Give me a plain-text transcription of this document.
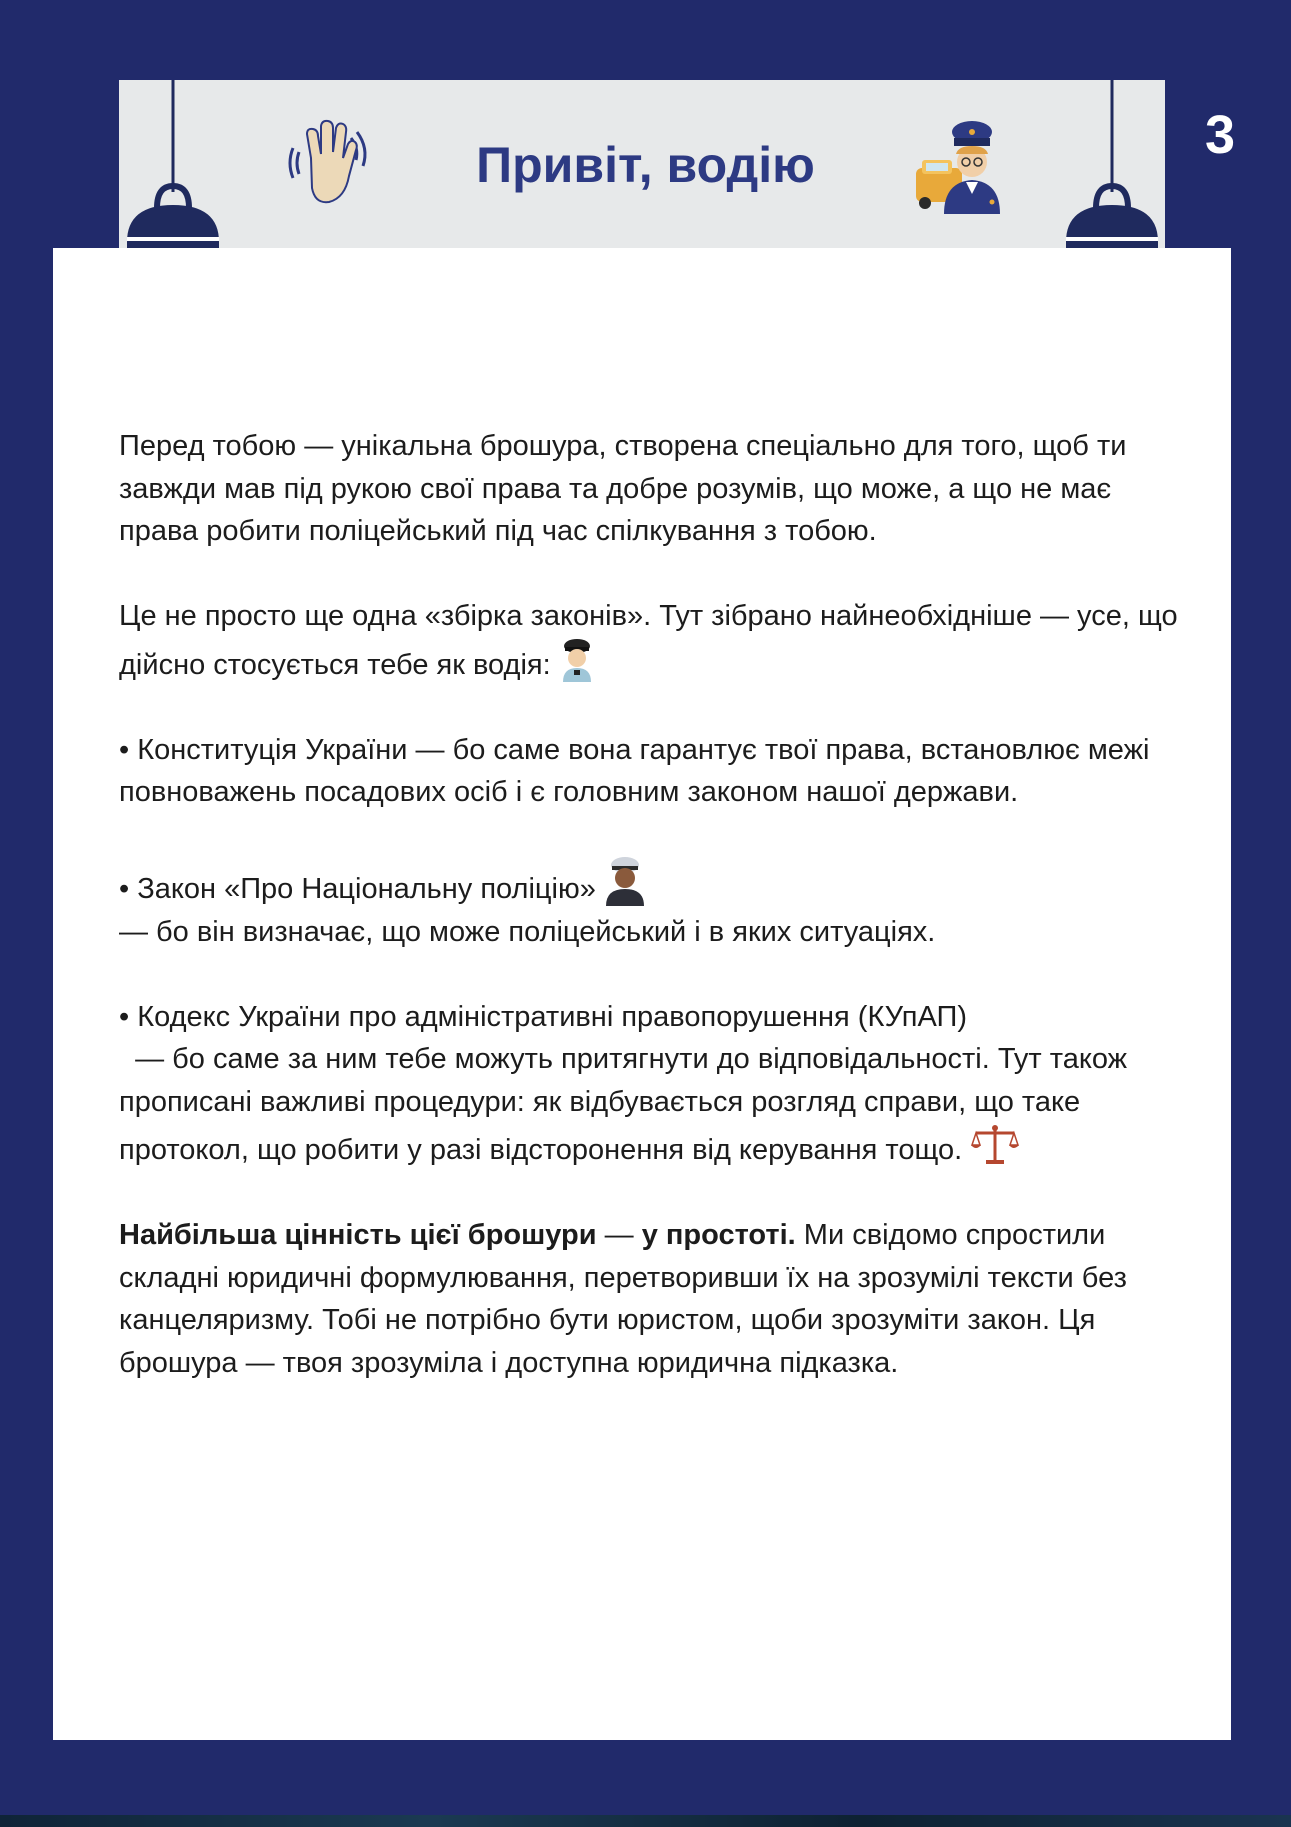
3
Привіт, водію

Перед тобою — унікальна брошура, створена спеціально для того, щоб ти завжди мав під рукою свої права та добре розумів, що може, а що не має права робити поліцейський під час спілкування з тобою.

Це не просто ще одна «збірка законів». Тут зібрано найнеобхідніше — усе, що дійсно стосується тебе як водія:

• Конституція України — бо саме вона гарантує твої права, встановлює межі повноважень посадових осіб і є головним законом нашої держави.

• Закон «Про Національну поліцію»
— бо він визначає, що може поліцейський і в яких ситуаціях.

• Кодекс України про адміністративні правопорушення (КУпАП)
— бо саме за ним тебе можуть притягнути до відповідальності. Тут також прописані важливі процедури: як відбувається розгляд справи, що таке протокол, що робити у разі відсторонення від керування тощо.

Найбільша цінність цієї брошури — у простоті. Ми свідомо спростили складні юридичні формулювання, перетворивши їх на зрозумілі тексти без канцеляризму. Тобі не потрібно бути юристом, щоби зрозуміти закон. Ця брошура — твоя зрозуміла і доступна юридична підказка.
